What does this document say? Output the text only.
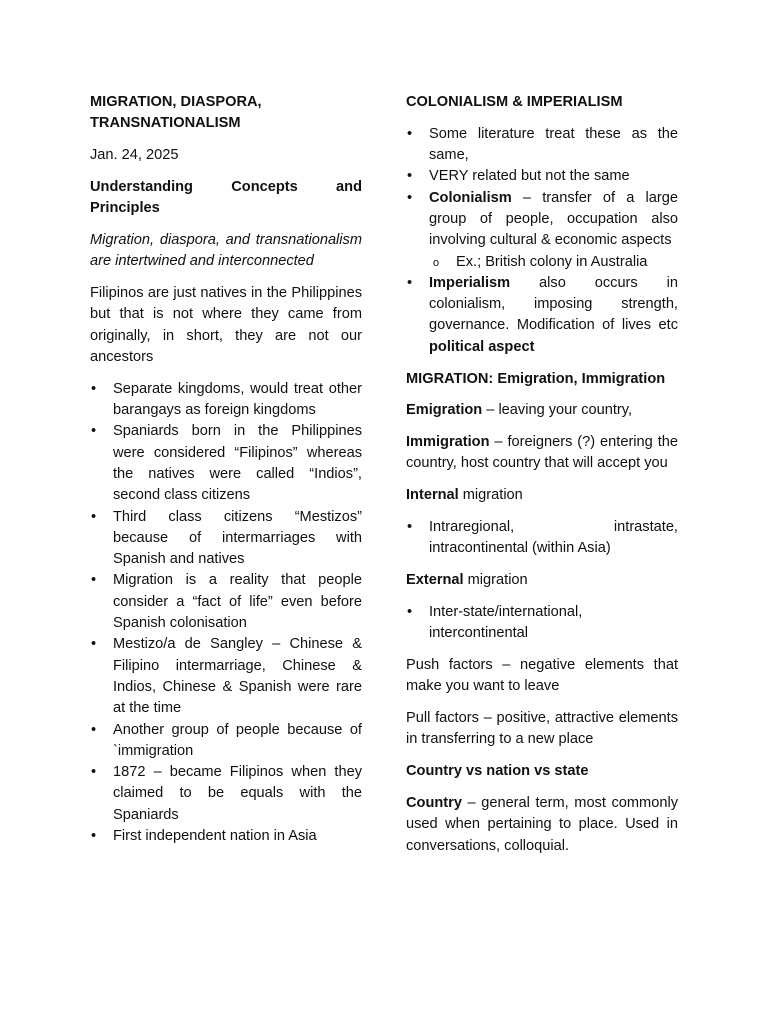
MIGRATION, DIASPORA, TRANSNATIONALISM

Jan. 24, 2025

Understanding Concepts and Principles

Migration, diaspora, and transnationalism are intertwined and interconnected

Filipinos are just natives in the Philippines but that is not where they came from originally, in short, they are not our ancestors

• Separate kingdoms, would treat other barangays as foreign kingdoms
• Spaniards born in the Philippines were considered “Filipinos” whereas the natives were called “Indios”, second class citizens
• Third class citizens “Mestizos” because of intermarriages with Spanish and natives
• Migration is a reality that people consider a “fact of life” even before Spanish colonisation
• Mestizo/a de Sangley – Chinese & Filipino intermarriage, Chinese & Indios, Chinese & Spanish were rare at the time
• Another group of people because of `immigration
• 1872 – became Filipinos when they claimed to be equals with the Spaniards
• First independent nation in Asia

COLONIALISM & IMPERIALISM

• Some literature treat these as the same,
• VERY related but not the same
• Colonialism – transfer of a large group of people, occupation also involving cultural & economic aspects
o Ex.; British colony in Australia
• Imperialism also occurs in colonialism, imposing strength, governance. Modification of lives etc political aspect

MIGRATION: Emigration, Immigration

Emigration – leaving your country,

Immigration – foreigners (?) entering the country, host country that will accept you

Internal migration

• Intraregional, intrastate, intracontinental (within Asia)

External migration

• Inter-state/international, intercontinental

Push factors – negative elements that make you want to leave

Pull factors – positive, attractive elements in transferring to a new place

Country vs nation vs state

Country – general term, most commonly used when pertaining to place. Used in conversations, colloquial.
